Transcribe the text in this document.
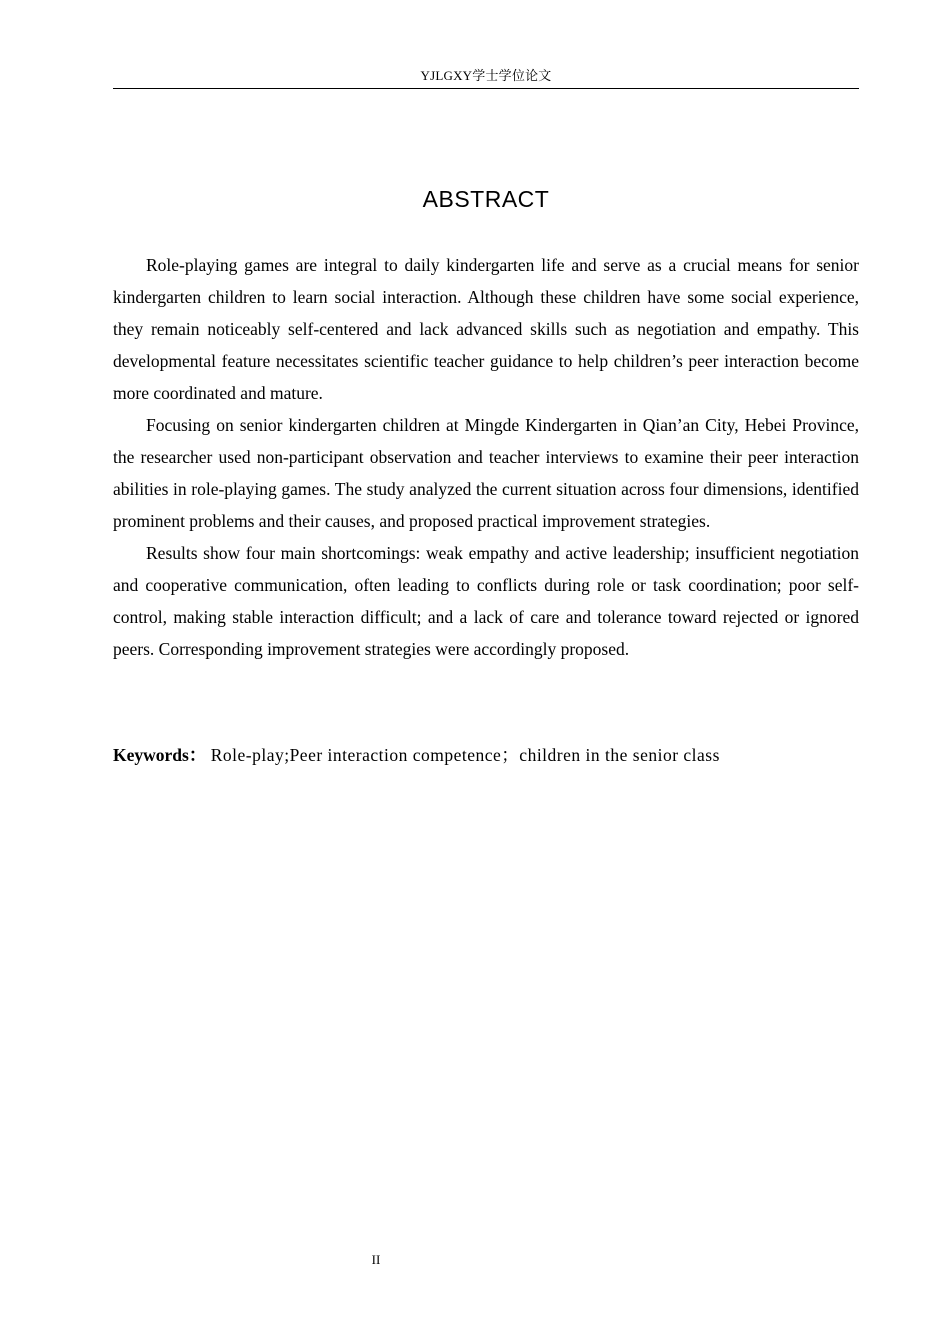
YJLGXY学士学位论文
ABSTRACT

Role-playing games are integral to daily kindergarten life and serve as a crucial means for senior kindergarten children to learn social interaction. Although these children have some social experience, they remain noticeably self-centered and lack advanced skills such as negotiation and empathy. This developmental feature necessitates scientific teacher guidance to help children’s peer interaction become more coordinated and mature.

Focusing on senior kindergarten children at Mingde Kindergarten in Qian’an City, Hebei Province, the researcher used non-participant observation and teacher interviews to examine their peer interaction abilities in role-playing games. The study analyzed the current situation across four dimensions, identified prominent problems and their causes, and proposed practical improvement strategies.

Results show four main shortcomings: weak empathy and active leadership; insufficient negotiation and cooperative communication, often leading to conflicts during role or task coordination; poor self-control, making stable interaction difficult; and a lack of care and tolerance toward rejected or ignored peers. Corresponding improvement strategies were accordingly proposed.

Keywords： Role-play;Peer interaction competence；children in the senior class
II
